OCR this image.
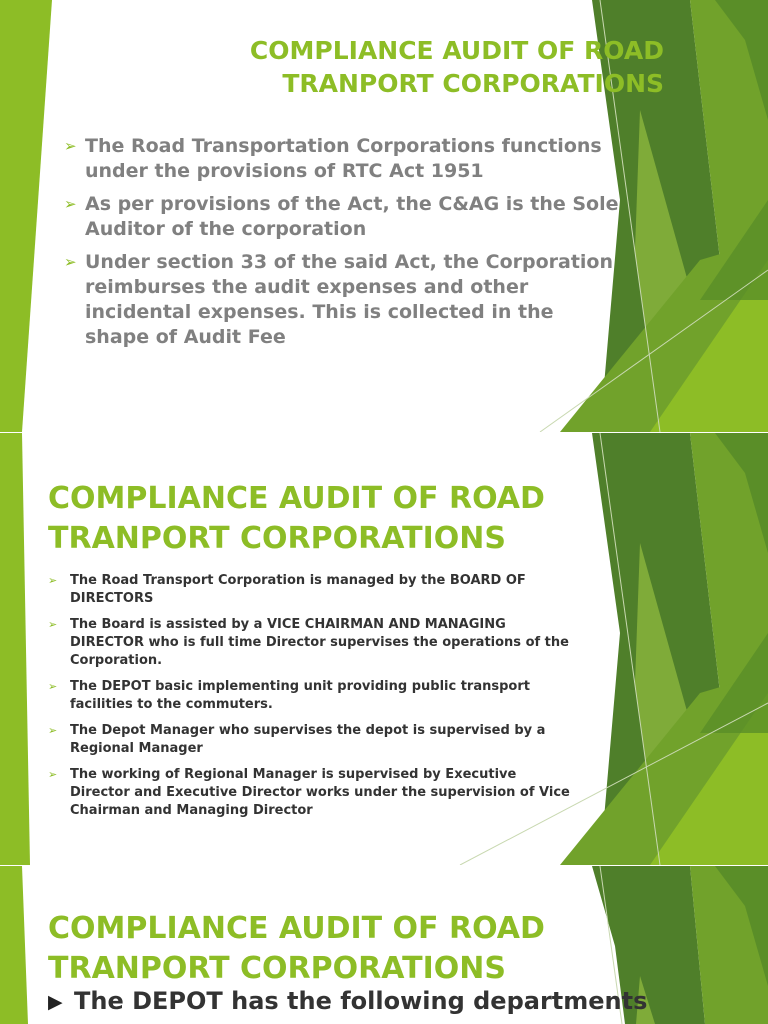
COMPLIANCE AUDIT OF ROAD TRANPORT CORPORATIONS
➢ The Road Transportation Corporations functions under the provisions of RTC Act 1951
➢ As per provisions of the Act, the C&AG is the Sole Auditor of the corporation
➢ Under section 33 of the said Act, the Corporation reimburses the audit expenses and other incidental expenses. This is collected in the shape of Audit Fee
COMPLIANCE AUDIT OF ROAD TRANPORT CORPORATIONS
➢ The Road Transport Corporation is managed by the BOARD OF DIRECTORS
➢ The Board is assisted by a VICE CHAIRMAN AND MANAGING DIRECTOR who is full time Director supervises the operations of the Corporation.
➢ The DEPOT basic implementing unit providing public transport facilities to the commuters.
➢ The Depot Manager who supervises the depot is supervised by a Regional Manager
➢ The working of Regional Manager is supervised by Executive Director and Executive Director works under the supervision of Vice Chairman and Managing Director
COMPLIANCE AUDIT OF ROAD TRANPORT CORPORATIONS
▶ The DEPOT has the following departments
